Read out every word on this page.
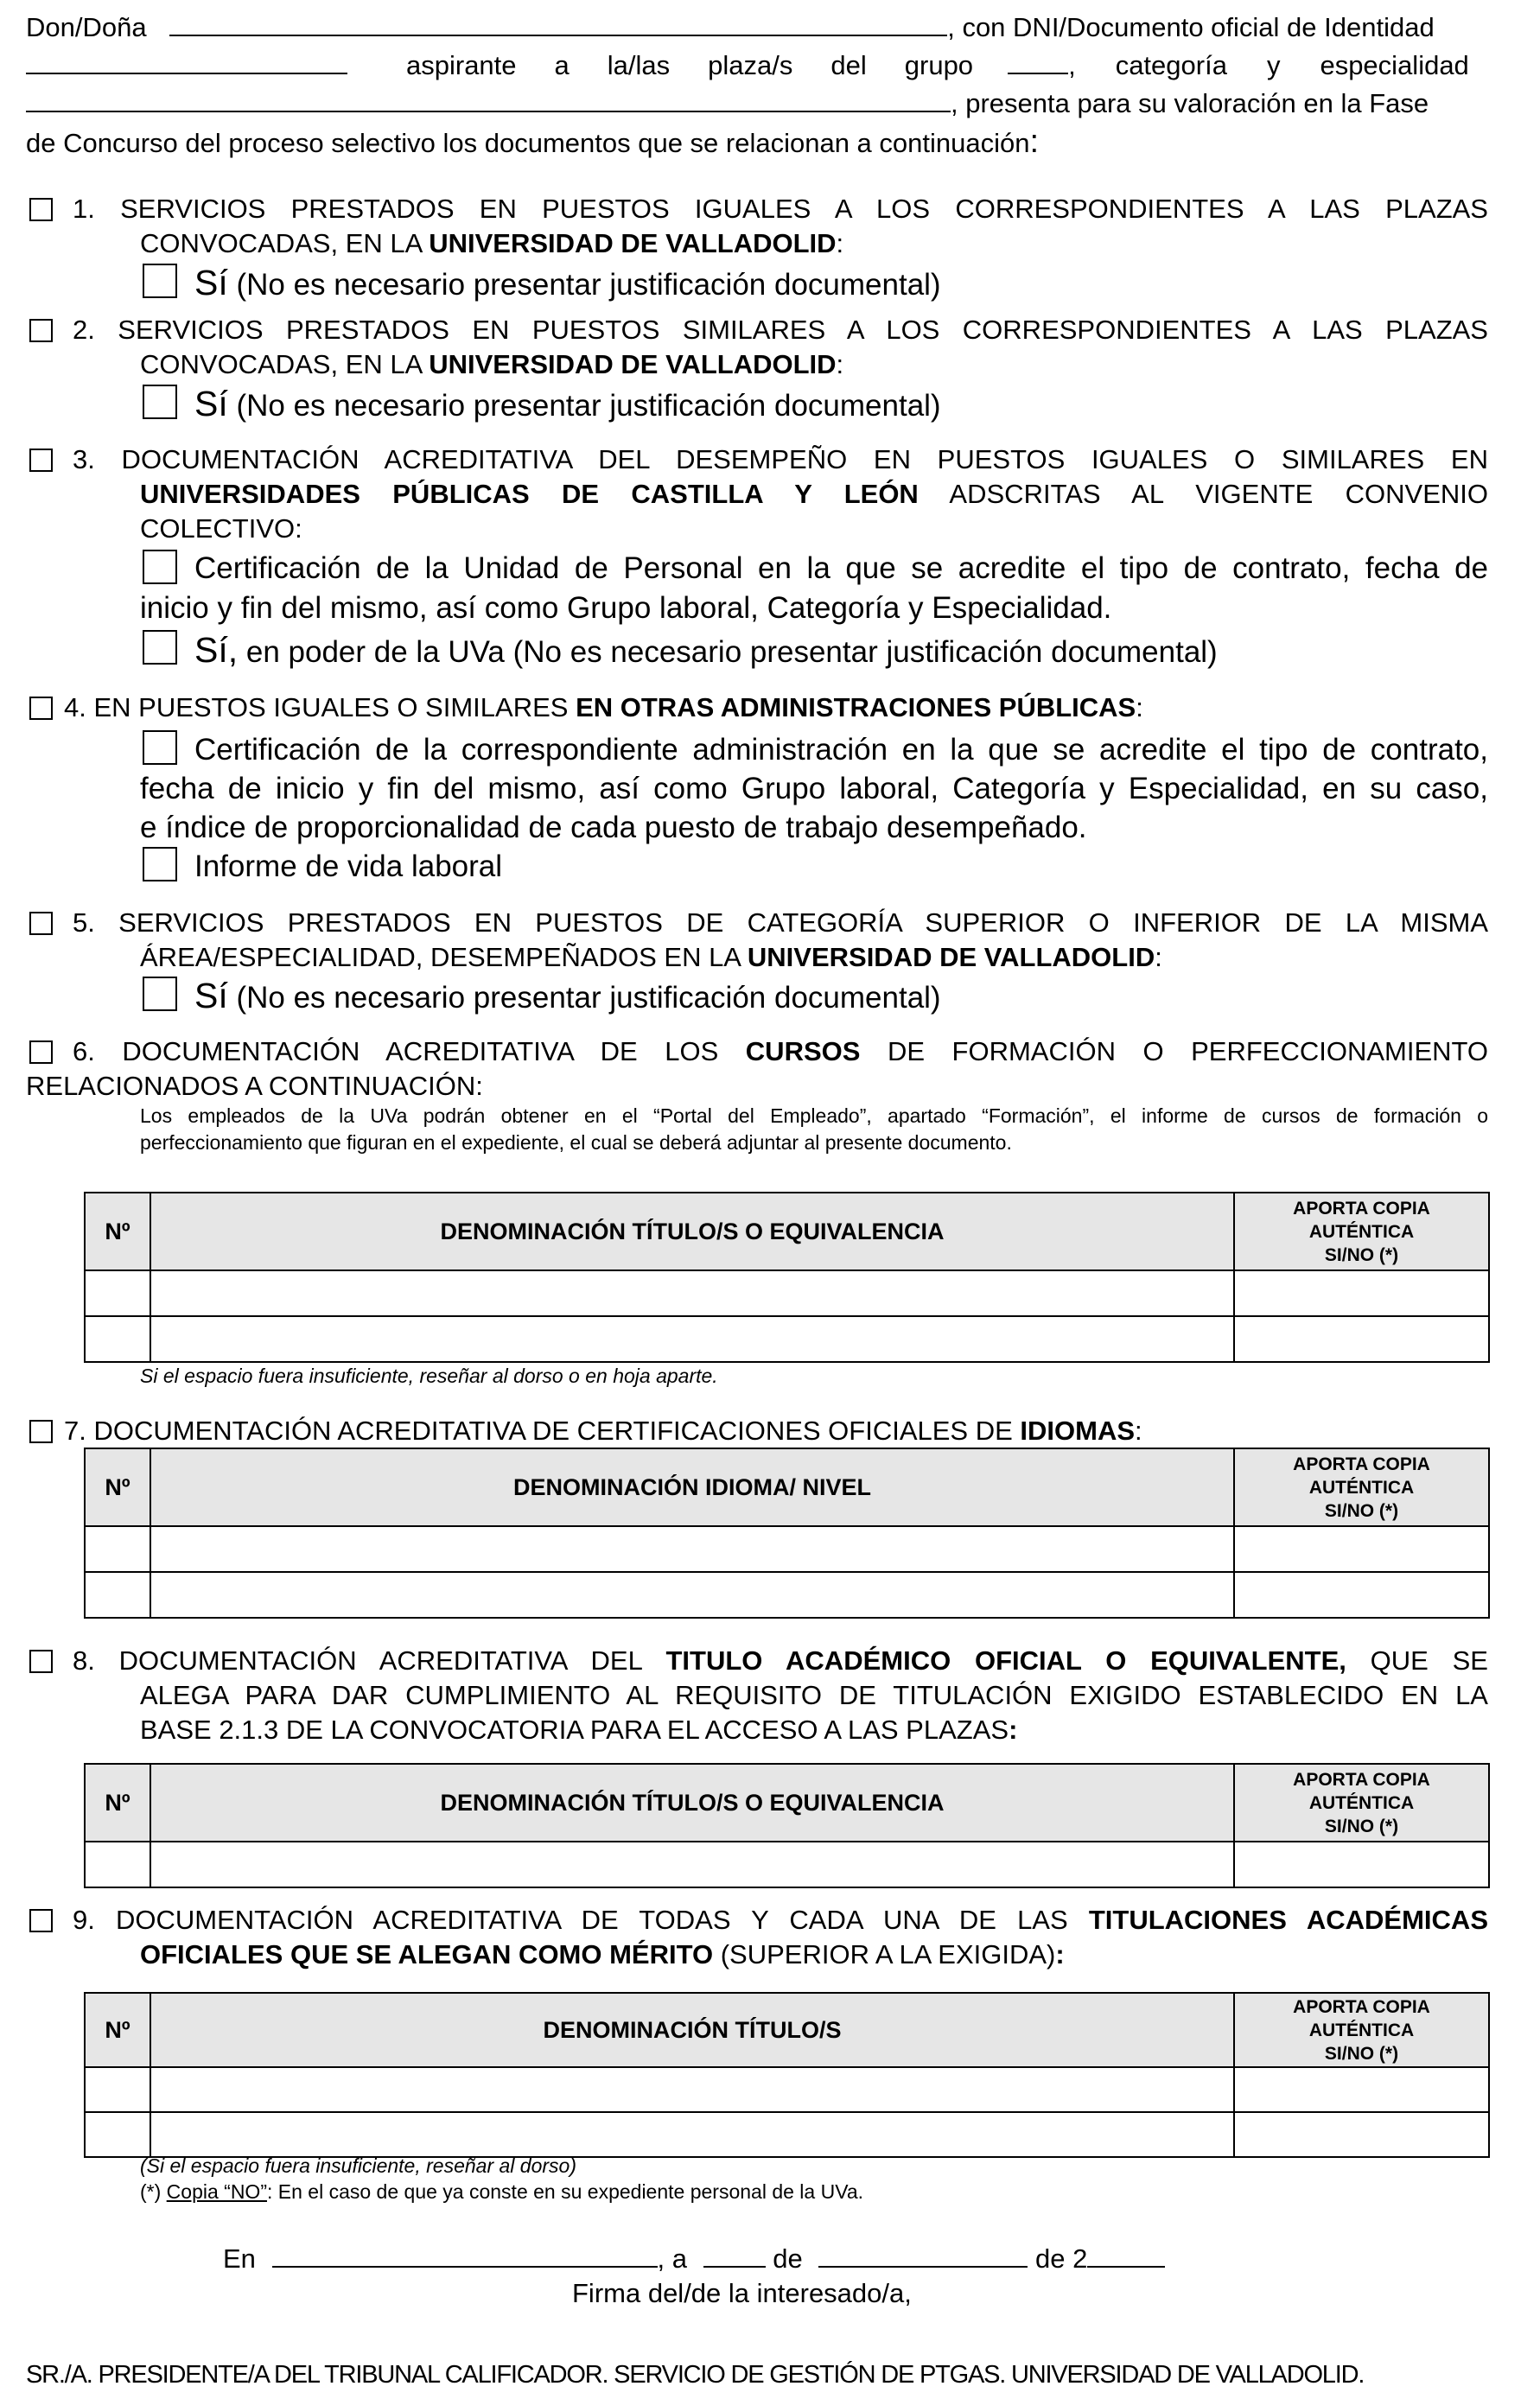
Don/Doña	, con DNI/Documento oficial de Identidad
aspirante a la/las plaza/s del grupo	, categoría y especialidad
, presenta para su valoración en la Fase
de Concurso del proceso selectivo los documentos que se relacionan a continuación:
1. SERVICIOS PRESTADOS EN PUESTOS IGUALES A LOS CORRESPONDIENTES A LAS PLAZAS
CONVOCADAS, EN LA UNIVERSIDAD DE VALLADOLID:
Sí (No es necesario presentar justificación documental)
2. SERVICIOS PRESTADOS EN PUESTOS SIMILARES A LOS CORRESPONDIENTES A LAS PLAZAS
CONVOCADAS, EN LA UNIVERSIDAD DE VALLADOLID:
Sí (No es necesario presentar justificación documental)
3. DOCUMENTACIÓN ACREDITATIVA DEL DESEMPEÑO EN PUESTOS IGUALES O SIMILARES EN
UNIVERSIDADES PÚBLICAS DE CASTILLA Y LEÓN ADSCRITAS AL VIGENTE CONVENIO
COLECTIVO:
Certificación de la Unidad de Personal en la que se acredite el tipo de contrato, fecha de
inicio y fin del mismo, así como Grupo laboral, Categoría y Especialidad.
Sí, en poder de la UVa (No es necesario presentar justificación documental)
4. EN PUESTOS IGUALES O SIMILARES EN OTRAS ADMINISTRACIONES PÚBLICAS:
Certificación de la correspondiente administración en la que se acredite el tipo de contrato,
fecha de inicio y fin del mismo, así como Grupo laboral, Categoría y Especialidad, en su caso,
e índice de proporcionalidad de cada puesto de trabajo desempeñado.
Informe de vida laboral
5. SERVICIOS PRESTADOS EN PUESTOS DE CATEGORÍA SUPERIOR O INFERIOR DE LA MISMA
ÁREA/ESPECIALIDAD, DESEMPEÑADOS EN LA UNIVERSIDAD DE VALLADOLID:
Sí (No es necesario presentar justificación documental)
6. DOCUMENTACIÓN ACREDITATIVA DE LOS CURSOS DE FORMACIÓN O PERFECCIONAMIENTO
RELACIONADOS A CONTINUACIÓN:
Los empleados de la UVa podrán obtener en el “Portal del Empleado”, apartado “Formación”, el informe de cursos de formación o
perfeccionamiento que figuran en el expediente, el cual se deberá adjuntar al presente documento.
Nº	DENOMINACIÓN TÍTULO/S O EQUIVALENCIA	APORTA COPIA
AUTÉNTICA
SI/NO (*)

Si el espacio fuera insuficiente, reseñar al dorso o en hoja aparte.
7. DOCUMENTACIÓN ACREDITATIVA DE CERTIFICACIONES OFICIALES DE IDIOMAS:
Nº	DENOMINACIÓN IDIOMA/ NIVEL	APORTA COPIA
AUTÉNTICA
SI/NO (*)

8. DOCUMENTACIÓN ACREDITATIVA DEL TITULO ACADÉMICO OFICIAL O EQUIVALENTE, QUE SE
ALEGA PARA DAR CUMPLIMIENTO AL REQUISITO DE TITULACIÓN EXIGIDO ESTABLECIDO EN LA
BASE 2.1.3 DE LA CONVOCATORIA PARA EL ACCESO A LAS PLAZAS:
Nº	DENOMINACIÓN TÍTULO/S O EQUIVALENCIA	APORTA COPIA
AUTÉNTICA
SI/NO (*)

9. DOCUMENTACIÓN ACREDITATIVA DE TODAS Y CADA UNA DE LAS TITULACIONES ACADÉMICAS
OFICIALES QUE SE ALEGAN COMO MÉRITO (SUPERIOR A LA EXIGIDA):
Nº	DENOMINACIÓN TÍTULO/S	APORTA COPIA
AUTÉNTICA
SI/NO (*)

(Si el espacio fuera insuficiente, reseñar al dorso)
(*) Copia “NO”: En el caso de que ya conste en su expediente personal de la UVa.
En	, a	de	de 2
Firma del/de la interesado/a,
SR./A. PRESIDENTE/A DEL TRIBUNAL CALIFICADOR. SERVICIO DE GESTIÓN DE PTGAS. UNIVERSIDAD DE VALLADOLID.
